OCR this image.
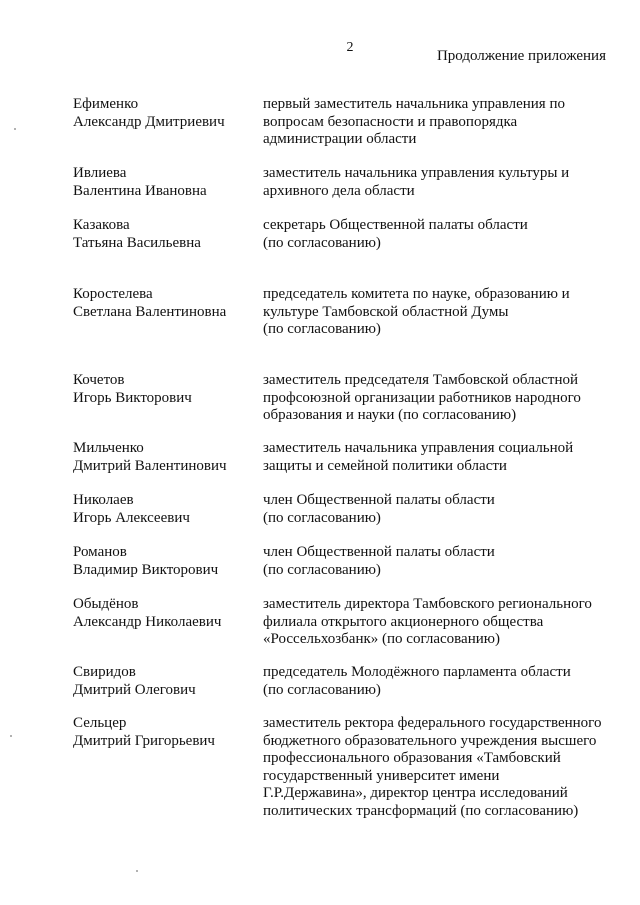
2
Продолжение приложения
Ефименко
Александр Дмитриевич
первый заместитель начальника управления по
вопросам безопасности и правопорядка
администрации области
Ивлиева
Валентина Ивановна
заместитель начальника управления культуры и
архивного дела области
Казакова
Татьяна Васильевна
секретарь Общественной палаты области
(по согласованию)
Коростелева
Светлана Валентиновна
председатель комитета по науке, образованию и
культуре Тамбовской областной Думы
(по согласованию)
Кочетов
Игорь Викторович
заместитель председателя Тамбовской областной
профсоюзной организации работников народного
образования и науки (по согласованию)
Мильченко
Дмитрий Валентинович
заместитель начальника управления социальной
защиты и семейной политики области
Николаев
Игорь Алексеевич
член Общественной палаты области
(по согласованию)
Романов
Владимир Викторович
член Общественной палаты области
(по согласованию)
Обыдёнов
Александр Николаевич
заместитель директора Тамбовского регионального
филиала открытого акционерного общества
«Россельхозбанк» (по согласованию)
Свиридов
Дмитрий Олегович
председатель Молодёжного парламента области
(по согласованию)
Сельцер
Дмитрий Григорьевич
заместитель ректора федерального государственного
бюджетного образовательного учреждения высшего
профессионального образования «Тамбовский
государственный университет имени
Г.Р.Державина», директор центра исследований
политических трансформаций (по согласованию)
